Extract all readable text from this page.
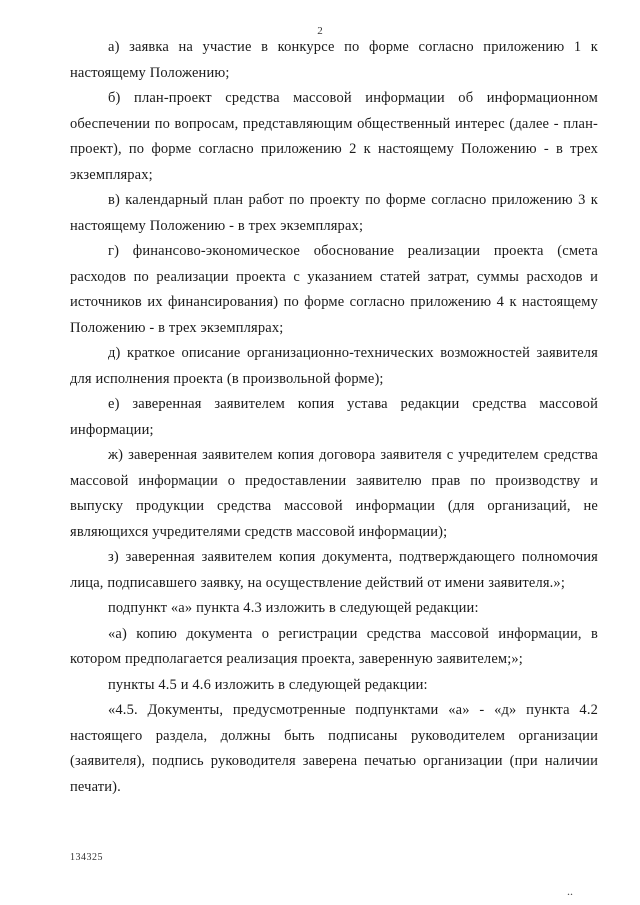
2

а) заявка на участие в конкурсе по форме согласно приложению 1 к настоящему Положению;

б) план-проект средства массовой информации об информационном обеспечении по вопросам, представляющим общественный интерес (далее - план-проект), по форме согласно приложению 2 к настоящему Положению - в трех экземплярах;

в) календарный план работ по проекту по форме согласно приложению 3 к настоящему Положению - в трех экземплярах;

г) финансово-экономическое обоснование реализации проекта (смета расходов по реализации проекта с указанием статей затрат, суммы расходов и источников их финансирования) по форме согласно приложению 4 к настоящему Положению - в трех экземплярах;

д) краткое описание организационно-технических возможностей заявителя для исполнения проекта (в произвольной форме);

е) заверенная заявителем копия устава редакции средства массовой информации;

ж) заверенная заявителем копия договора заявителя с учредителем средства массовой информации о предоставлении заявителю прав по производству и выпуску продукции средства массовой информации (для организаций, не являющихся учредителями средств массовой информации);

з) заверенная заявителем копия документа, подтверждающего полномочия лица, подписавшего заявку, на осуществление действий от имени заявителя.»;

подпункт «а» пункта 4.3 изложить в следующей редакции:

«а) копию документа о регистрации средства массовой информации, в котором предполагается реализация проекта, заверенную заявителем;»;

пункты 4.5 и 4.6 изложить в следующей редакции:

«4.5. Документы, предусмотренные подпунктами «а» - «д» пункта 4.2 настоящего раздела, должны быть подписаны руководителем организации (заявителя), подпись руководителя заверена печатью организации (при наличии печати).

134325
..
